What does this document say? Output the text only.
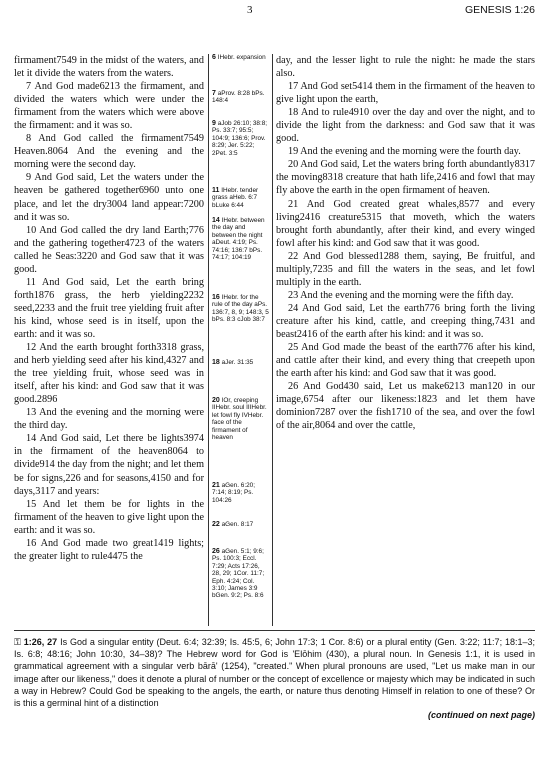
3	GENESIS 1:26

firmament7549 in the midst of the waters, and let it divide the waters from the waters.

7 And God made6213 the firmament, and divided the waters which were under the firmament from the waters which were above the firmament: and it was so.

8 And God called the firmament7549 Heaven.8064 And the evening and the morning were the second day.

9 And God said, Let the waters under the heaven be gathered together6960 unto one place, and let the dry3004 land appear:7200 and it was so.

10 And God called the dry land Earth;776 and the gathering together4723 of the waters called he Seas:3220 and God saw that it was good.

11 And God said, Let the earth bring forth1876 grass, the herb yielding2232 seed,2233 and the fruit tree yielding fruit after his kind, whose seed is in itself, upon the earth: and it was so.

12 And the earth brought forth3318 grass, and herb yielding seed after his kind,4327 and the tree yielding fruit, whose seed was in itself, after his kind: and God saw that it was good.2896

13 And the evening and the morning were the third day.

14 And God said, Let there be lights3974 in the firmament of the heaven8064 to divide914 the day from the night; and let them be for signs,226 and for seasons,4150 and for days,3117 and years:

15 And let them be for lights in the firmament of the heaven to give light upon the earth: and it was so.

16 And God made two great1419 lights; the greater light to rule4475 the

6 IHebr. expansion
7 aProv. 8:28 bPs. 148:4
9 aJob 26:10; 38:8; Ps. 33:7; 95:5; 104:9; 136:6; Prov. 8:29; Jer. 5:22; 2Pet. 3:5
11 IHebr. tender grass aHeb. 6:7 bLuke 6:44
14 IHebr. between the day and between the night aDeut. 4:19; Ps. 74:16; 136:7 bPs. 74:17; 104:19
16 IHebr. for the rule of the day aPs. 136:7, 8, 9; 148:3, 5 bPs. 8:3 cJob 38:7
18 aJer. 31:35
20 IOr, creeping IIHebr. soul IIIHebr. let fowl fly IVHebr. face of the firmament of heaven
21 aGen. 6:20; 7:14; 8:19; Ps. 104:26
22 aGen. 8:17
26 aGen. 5:1; 9:6; Ps. 100:3; Eccl. 7:29; Acts 17:26, 28, 29; 1Cor. 11:7; Eph. 4:24; Col. 3:10; James 3:9 bGen. 9:2; Ps. 8:6

day, and the lesser light to rule the night: he made the stars also.

17 And God set5414 them in the firmament of the heaven to give light upon the earth,

18 And to rule4910 over the day and over the night, and to divide the light from the darkness: and God saw that it was good.

19 And the evening and the morning were the fourth day.

20 And God said, Let the waters bring forth abundantly8317 the moving8318 creature that hath life,2416 and fowl that may fly above the earth in the open firmament of heaven.

21 And God created great whales,8577 and every living2416 creature5315 that moveth, which the waters brought forth abundantly, after their kind, and every winged fowl after his kind: and God saw that it was good.

22 And God blessed1288 them, saying, Be fruitful, and multiply,7235 and fill the waters in the seas, and let fowl multiply in the earth.

23 And the evening and the morning were the fifth day.

24 And God said, Let the earth776 bring forth the living creature after his kind, cattle, and creeping thing,7431 and beast2416 of the earth after his kind: and it was so.

25 And God made the beast of the earth776 after his kind, and cattle after their kind, and every thing that creepeth upon the earth after his kind: and God saw that it was good.

26 And God430 said, Let us make6213 man120 in our image,6754 after our likeness:1823 and let them have dominion7287 over the fish1710 of the sea, and over the fowl of the air,8064 and over the cattle,

⚿ 1:26, 27 Is God a singular entity (Deut. 6:4; 32:39; Is. 45:5, 6; John 17:3; 1 Cor. 8:6) or a plural entity (Gen. 3:22; 11:7; 18:1–3; Is. 6:8; 48:16; John 10:30, 34–38)? The Hebrew word for God is 'Elōhim (430), a plural noun. In Genesis 1:1, it is used in grammatical agreement with a singular verb bārā' (1254), "created." When plural pronouns are used, "Let us make man in our image after our likeness," does it denote a plural of number or the concept of excellence or majesty which may be indicated in such a way in Hebrew? Could God be speaking to the angels, the earth, or nature thus denoting Himself in relation to one of these? Or is this a germinal hint of a distinction
(continued on next page)
